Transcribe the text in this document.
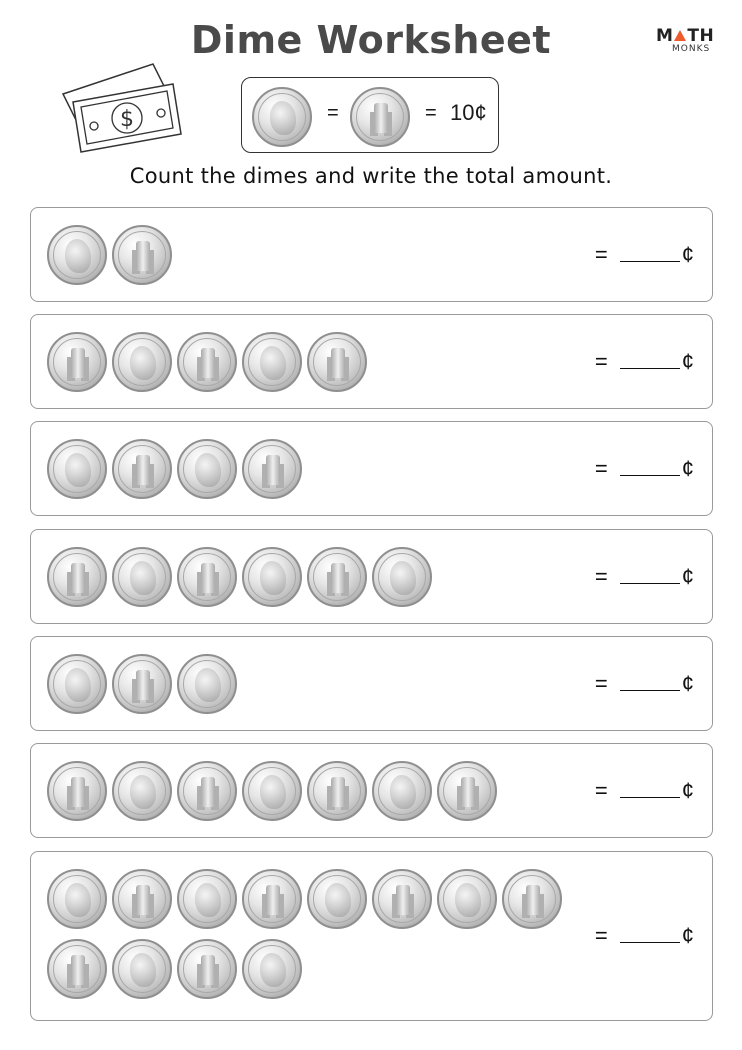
Dime Worksheet	M TH
MONKS
$	=	= 10¢
Count the dimes and write the total amount.
=	¢
=	¢
=	¢
=	¢
=	¢
=	¢
=	¢
